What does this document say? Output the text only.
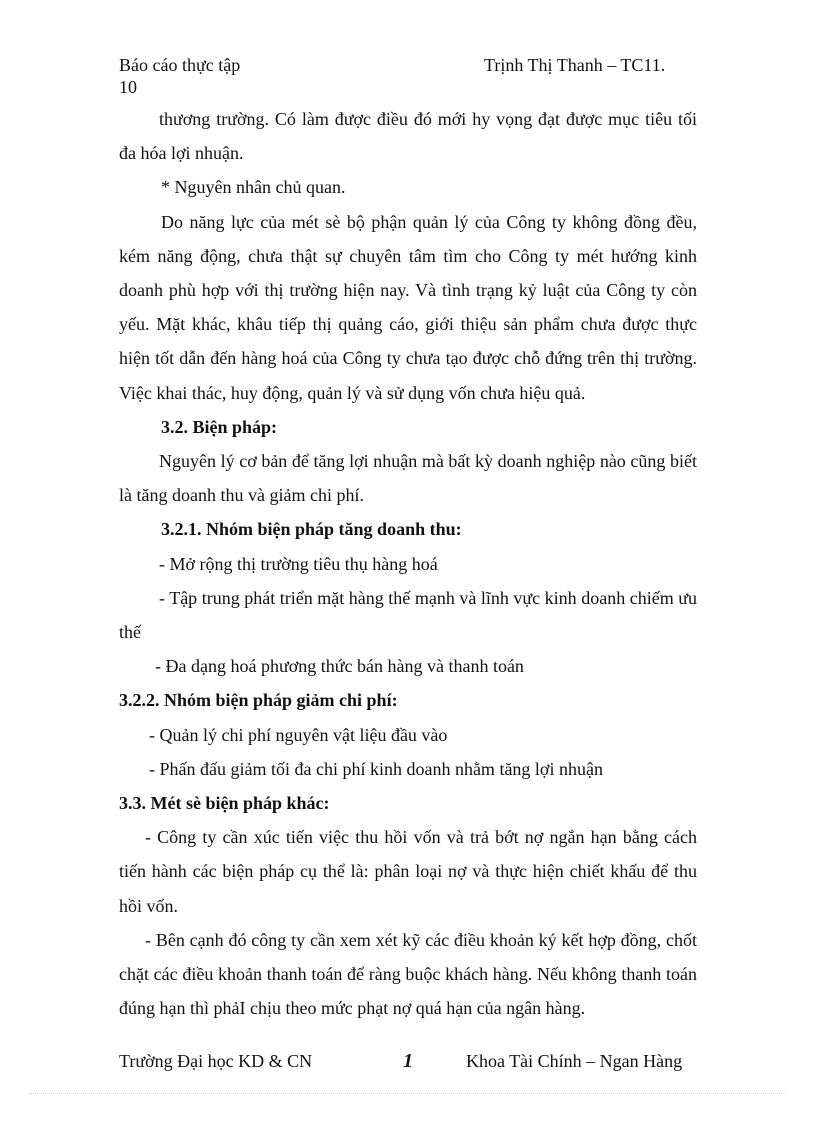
Báo cáo thực tập	Trịnh Thị Thanh – TC11.
10

thương trường. Có làm được điều đó mới hy vọng đạt được mục tiêu tối đa hóa lợi nhuận.

* Nguyên nhân chủ quan.

Do năng lực của mét sè bộ phận quản lý của Công ty không đồng đều, kém năng động, chưa thật sự chuyên tâm tìm cho Công ty mét hướng kinh doanh phù hợp với thị trường hiện nay. Và tình trạng kỷ luật của Công ty còn yếu. Mặt khác, khâu tiếp thị quảng cáo, giới thiệu sản phẩm chưa được thực hiện tốt dẫn đến hàng hoá của Công ty chưa tạo được chỗ đứng trên thị trường. Việc khai thác, huy động, quản lý và sử dụng vốn chưa hiệu quả.

3.2. Biện pháp:

Nguyên lý cơ bản để tăng lợi nhuận mà bất kỳ doanh nghiệp nào cũng biết là tăng doanh thu và giảm chi phí.

3.2.1. Nhóm biện pháp tăng doanh thu:

- Mở rộng thị trường tiêu thụ hàng hoá

- Tập trung phát triển mặt hàng thế mạnh và lĩnh vực kinh doanh chiếm ưu thế

- Đa dạng hoá phương thức bán hàng và thanh toán

3.2.2. Nhóm biện pháp giảm chi phí:

- Quản lý chi phí nguyên vật liệu đầu vào

- Phấn đấu giảm tối đa chi phí kinh doanh nhằm tăng lợi nhuận

3.3. Mét sè biện pháp khác:

- Công ty cần xúc tiến việc thu hồi vốn và trả bớt nợ ngắn hạn bằng cách tiến hành các biện pháp cụ thể là: phân loại nợ và thực hiện chiết khấu để thu hồi vốn.

- Bên cạnh đó công ty cần xem xét kỹ các điều khoản ký kết hợp đồng, chốt chặt các điều khoản thanh toán để ràng buộc khách hàng. Nếu không thanh toán đúng hạn thì phảI chịu theo mức phạt nợ quá hạn của ngân hàng.

Trường Đại học KD & CN	1	Khoa Tài Chính – Ngan Hàng
